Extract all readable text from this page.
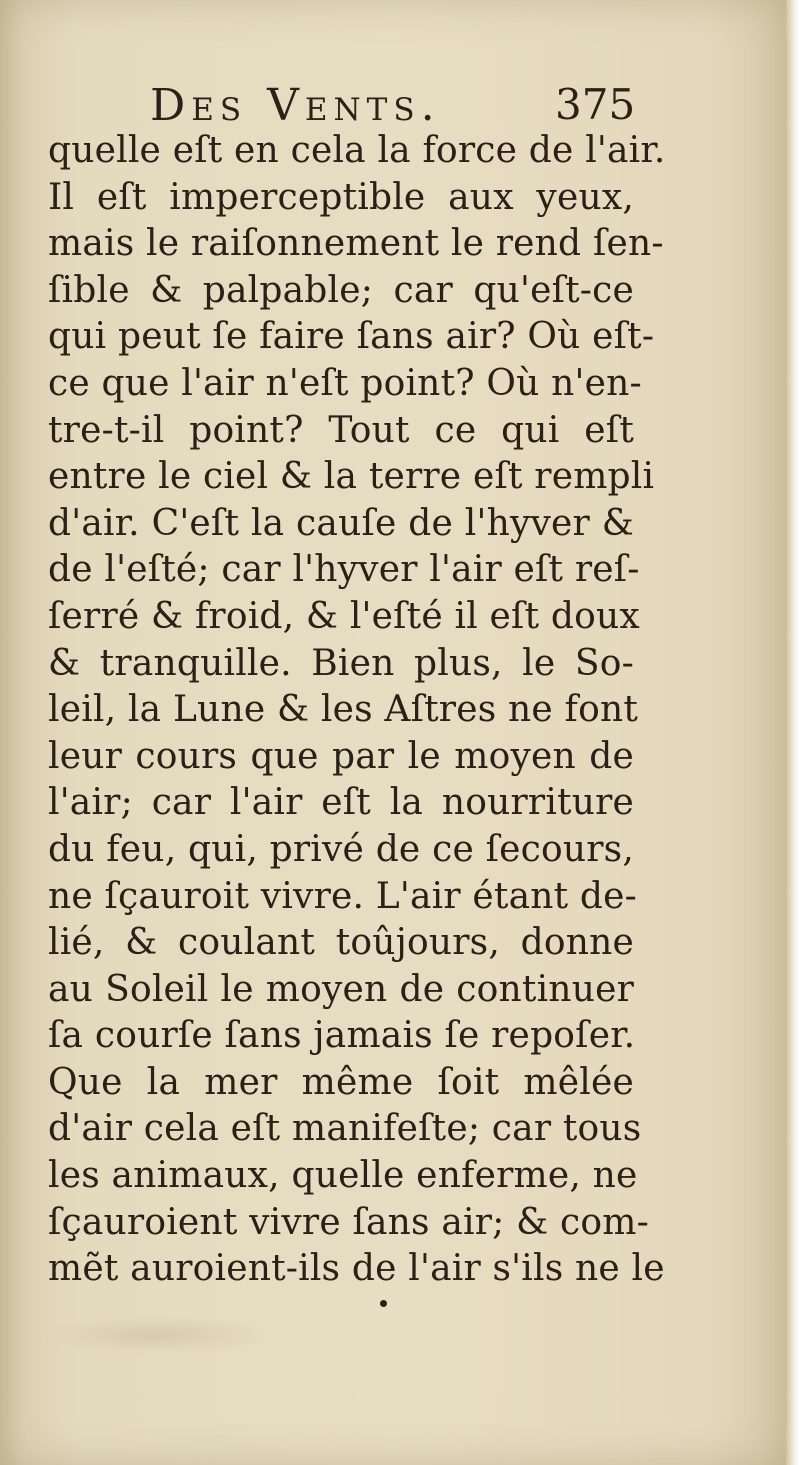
Des Vents.	375
quelle eſt en cela la force de l'air.
Il eſt imperceptible aux yeux,
mais le raiſonnement le rend ſen-
ſible & palpable; car qu'eſt-ce
qui peut ſe faire ſans air? Où eſt-
ce que l'air n'eſt point? Où n'en-
tre-t-il point? Tout ce qui eſt
entre le ciel & la terre eſt rempli
d'air. C'eſt la cauſe de l'hyver &
de l'eſté; car l'hyver l'air eſt reſ-
ſerré & froid, & l'eſté il eſt doux
& tranquille. Bien plus, le So-
leil, la Lune & les Aſtres ne font
leur cours que par le moyen de
l'air; car l'air eſt la nourriture
du feu, qui, privé de ce ſecours,
ne ſçauroit vivre. L'air étant de-
lié, & coulant toûjours, donne
au Soleil le moyen de continuer
ſa courſe ſans jamais ſe repoſer.
Que la mer même ſoit mêlée
d'air cela eſt manifeſte; car tous
les animaux, quelle enferme, ne
ſçauroient vivre ſans air; & com-
mẽt auroient-ils de l'air s'ils ne le
